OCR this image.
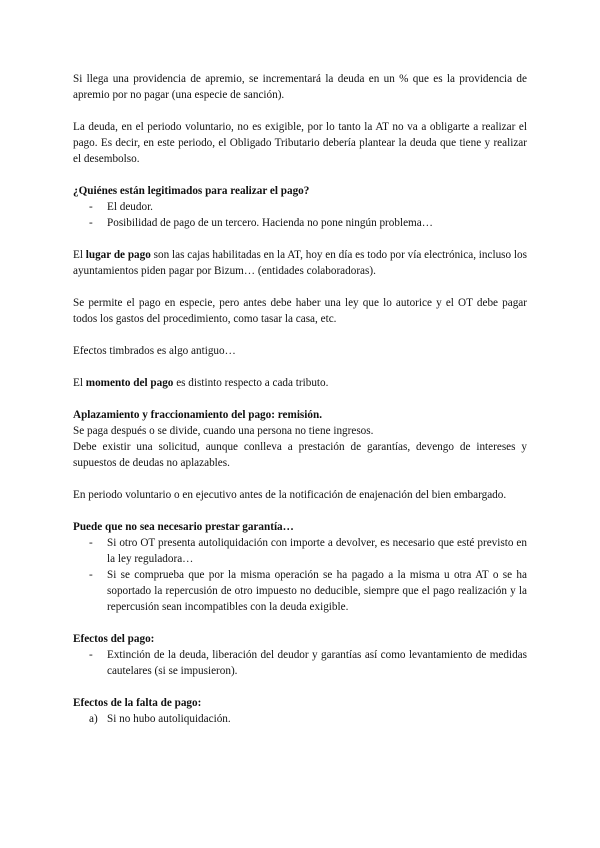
Si llega una providencia de apremio, se incrementará la deuda en un % que es la providencia de apremio por no pagar (una especie de sanción).

La deuda, en el periodo voluntario, no es exigible, por lo tanto la AT no va a obligarte a realizar el pago. Es decir, en este periodo, el Obligado Tributario debería plantear la deuda que tiene y realizar el desembolso.

¿Quiénes están legitimados para realizar el pago?

- El deudor.
- Posibilidad de pago de un tercero. Hacienda no pone ningún problema…

El lugar de pago son las cajas habilitadas en la AT, hoy en día es todo por vía electrónica, incluso los ayuntamientos piden pagar por Bizum… (entidades colaboradoras).

Se permite el pago en especie, pero antes debe haber una ley que lo autorice y el OT debe pagar todos los gastos del procedimiento, como tasar la casa, etc.

Efectos timbrados es algo antiguo…

El momento del pago es distinto respecto a cada tributo.

Aplazamiento y fraccionamiento del pago: remisión.

Se paga después o se divide, cuando una persona no tiene ingresos.

Debe existir una solicitud, aunque conlleva a prestación de garantías, devengo de intereses y supuestos de deudas no aplazables.

En periodo voluntario o en ejecutivo antes de la notificación de enajenación del bien embargado.

Puede que no sea necesario prestar garantía…

- Si otro OT presenta autoliquidación con importe a devolver, es necesario que esté previsto en la ley reguladora…
- Si se comprueba que por la misma operación se ha pagado a la misma u otra AT o se ha soportado la repercusión de otro impuesto no deducible, siempre que el pago realización y la repercusión sean incompatibles con la deuda exigible.

Efectos del pago:

- Extinción de la deuda, liberación del deudor y garantías así como levantamiento de medidas cautelares (si se impusieron).

Efectos de la falta de pago:

a) Si no hubo autoliquidación.
